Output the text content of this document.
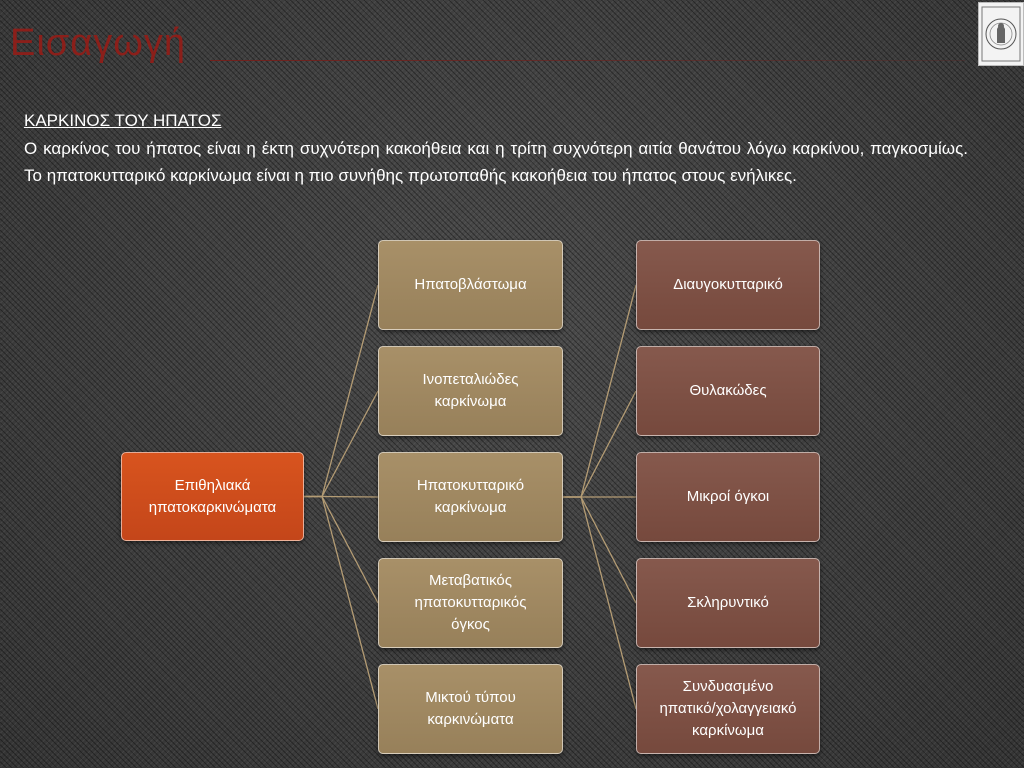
Εισαγωγή
ΚΑΡΚΙΝΟΣ ΤΟΥ ΗΠΑΤΟΣ

Ο καρκίνος του ήπατος είναι η έκτη συχνότερη κακοήθεια και η τρίτη συχνότερη αιτία θανάτου λόγω καρκίνου, παγκοσμίως. Το ηπατοκυτταρικό καρκίνωμα είναι η πιο συνήθης πρωτοπαθής κακοήθεια του ήπατος στους ενήλικες.

Επιθηλιακά ηπατοκαρκινώματα
Ηπατοβλάστωμα
Ινοπεταλιώδες
καρκίνωμα
Ηπατοκυτταρικό
καρκίνωμα
Μεταβατικός
ηπατοκυτταρικός
όγκος
Μικτού τύπου
καρκινώματα
Διαυγοκυτταρικό
Θυλακώδες
Μικροί όγκοι
Σκληρυντικό
Συνδυασμένο
ηπατικό/χολαγγειακό
καρκίνωμα
